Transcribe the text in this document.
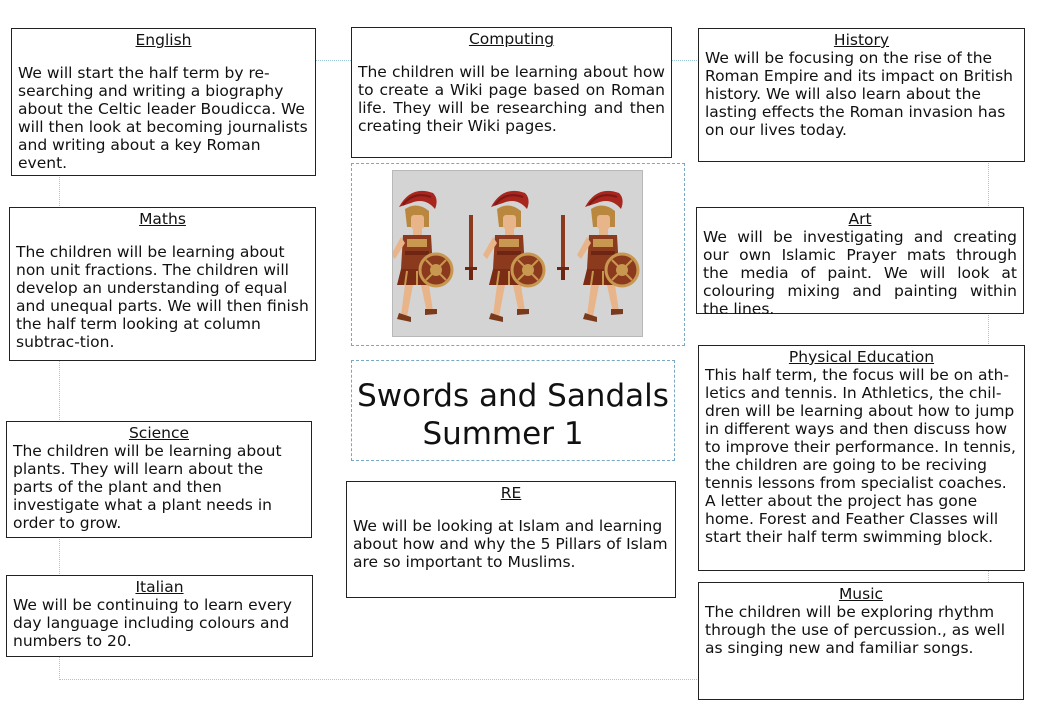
English
We will start the half term by re-searching and writing a biography about the Celtic leader Boudicca. We will then look at becoming journalists and writing about a key Roman event.
Computing
The children will be learning about how to create a Wiki page based on Roman life. They will be researching and then creating their Wiki pages.
History
We will be focusing on the rise of the Roman Empire and its impact on British history. We will also learn about the lasting effects the Roman invasion has on our lives today.
Maths
The children will be learning about non unit fractions. The children will develop an understanding of equal and unequal parts. We will then finish the half term looking at column subtrac-tion.
Art
We will be investigating and creating our own Islamic Prayer mats through the media of paint. We will look at colouring mixing and painting within the lines.
Science
The children will be learning about plants. They will learn about the parts of the plant and then investigate what a plant needs in order to grow.
Physical Education
This half term, the focus will be on ath-letics and tennis. In Athletics, the chil-dren will be learning about how to jump in different ways and then discuss how to improve their performance. In tennis, the children are going to be reciving tennis lessons from specialist coaches. A letter about the project has gone home. Forest and Feather Classes will start their half term swimming block.
RE
We will be looking at Islam and learning about how and why the 5 Pillars of Islam are so important to Muslims.
Italian
We will be continuing to learn every day language including colours and numbers to 20.
Music
The children will be exploring rhythm through the use of percussion., as well as singing new and familiar songs.
Swords and Sandals
Summer 1
